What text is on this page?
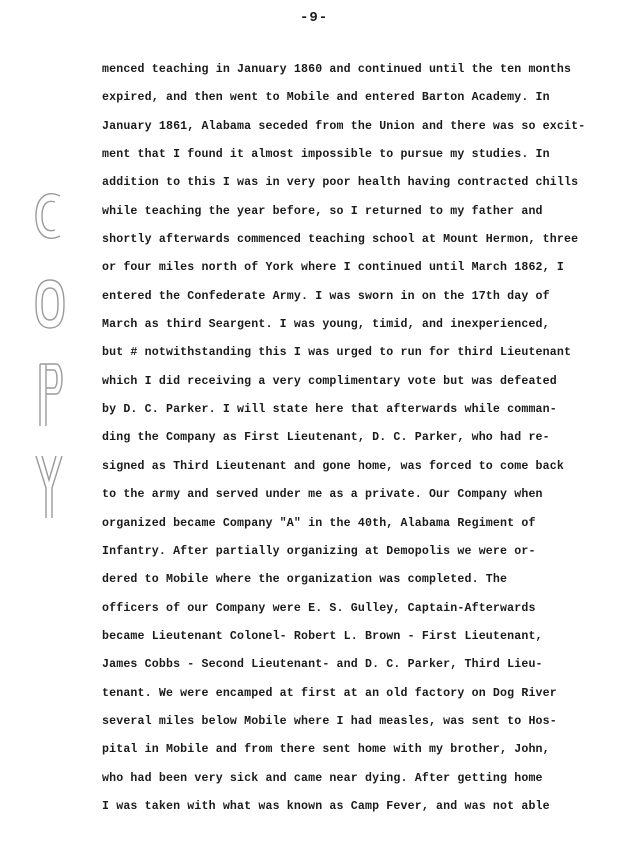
-9-
menced teaching in January 1860 and continued until the ten months
expired, and then went to Mobile and entered Barton Academy. In
January 1861, Alabama seceded from the Union and there was so excit-
ment that I found it almost impossible to pursue my studies. In
addition to this I was in very poor health having contracted chills
while teaching the year before, so I returned to my father and
shortly afterwards commenced teaching school at Mount Hermon, three
or four miles north of York where I continued until March 1862, I
entered the Confederate Army. I was sworn in on the 17th day of
March as third Seargent. I was young, timid, and inexperienced,
but # notwithstanding this I was urged to run for third Lieutenant
which I did receiving a very complimentary vote but was defeated
by D. C. Parker. I will state here that afterwards while comman-
ding the Company as First Lieutenant, D. C. Parker, who had re-
signed as Third Lieutenant and gone home, was forced to come back
to the army and served under me as a private. Our Company when
organized became Company "A" in the 40th, Alabama Regiment of
Infantry. After partially organizing at Demopolis we were or-
dered to Mobile where the organization was completed. The
officers of our Company were E. S. Gulley, Captain-Afterwards
became Lieutenant Colonel- Robert L. Brown - First Lieutenant,
James Cobbs - Second Lieutenant- and D. C. Parker, Third Lieu-
tenant. We were encamped at first at an old factory on Dog River
several miles below Mobile where I had measles, was sent to Hos-
pital in Mobile and from there sent home with my brother, John,
who had been very sick and came near dying. After getting home
I was taken with what was known as Camp Fever, and was not able
